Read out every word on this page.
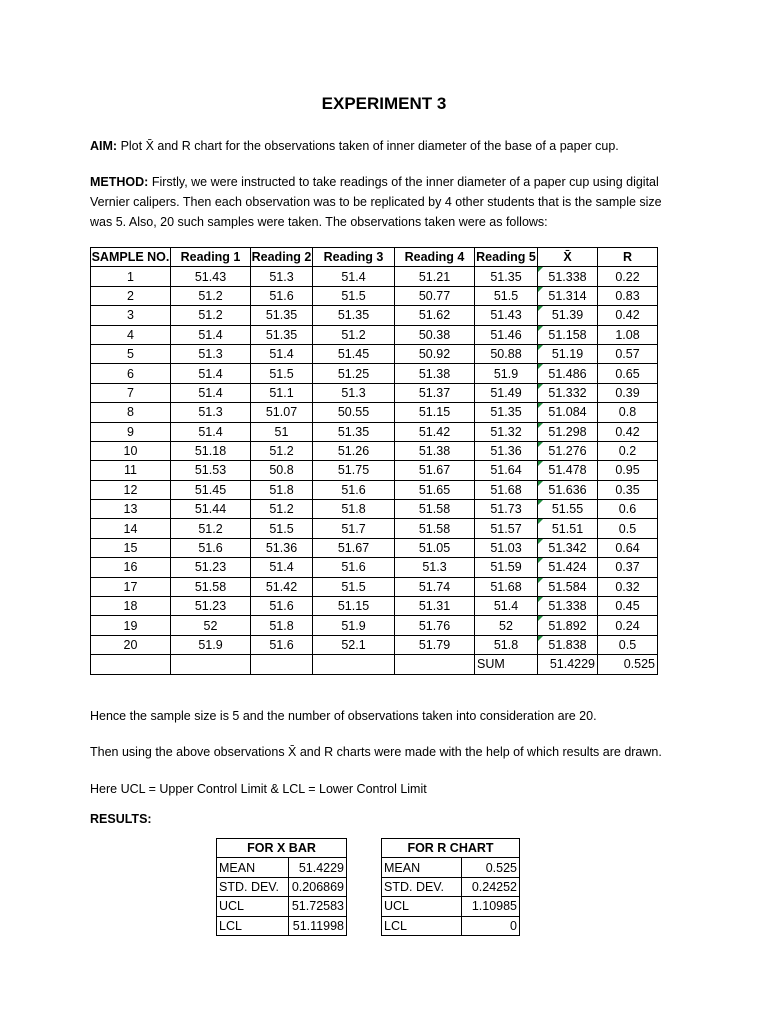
EXPERIMENT 3
AIM: Plot X̄ and R chart for the observations taken of inner diameter of the base of a paper cup.
METHOD: Firstly, we were instructed to take readings of the inner diameter of a paper cup using digital Vernier calipers. Then each observation was to be replicated by 4 other students that is the sample size was 5. Also, 20 such samples were taken. The observations taken were as follows:
SAMPLE NO.	Reading 1	Reading 2	Reading 3	Reading 4	Reading 5	X̄	R
1	51.43	51.3	51.4	51.21	51.35	51.338	0.22
2	51.2	51.6	51.5	50.77	51.5	51.314	0.83
3	51.2	51.35	51.35	51.62	51.43	51.39	0.42
4	51.4	51.35	51.2	50.38	51.46	51.158	1.08
5	51.3	51.4	51.45	50.92	50.88	51.19	0.57
6	51.4	51.5	51.25	51.38	51.9	51.486	0.65
7	51.4	51.1	51.3	51.37	51.49	51.332	0.39
8	51.3	51.07	50.55	51.15	51.35	51.084	0.8
9	51.4	51	51.35	51.42	51.32	51.298	0.42
10	51.18	51.2	51.26	51.38	51.36	51.276	0.2
11	51.53	50.8	51.75	51.67	51.64	51.478	0.95
12	51.45	51.8	51.6	51.65	51.68	51.636	0.35
13	51.44	51.2	51.8	51.58	51.73	51.55	0.6
14	51.2	51.5	51.7	51.58	51.57	51.51	0.5
15	51.6	51.36	51.67	51.05	51.03	51.342	0.64
16	51.23	51.4	51.6	51.3	51.59	51.424	0.37
17	51.58	51.42	51.5	51.74	51.68	51.584	0.32
18	51.23	51.6	51.15	51.31	51.4	51.338	0.45
19	52	51.8	51.9	51.76	52	51.892	0.24
20	51.9	51.6	52.1	51.79	51.8	51.838	0.5
					SUM	51.4229	0.525
Hence the sample size is 5 and the number of observations taken into consideration are 20.
Then using the above observations X̄ and R charts were made with the help of which results are drawn.
Here UCL = Upper Control Limit & LCL = Lower Control Limit
RESULTS:
FOR X BAR	
MEAN	51.4229
STD. DEV.	0.206869
UCL	51.72583
LCL	51.11998
FOR R CHART	
MEAN	0.525
STD. DEV.	0.24252
UCL	1.10985
LCL	0
